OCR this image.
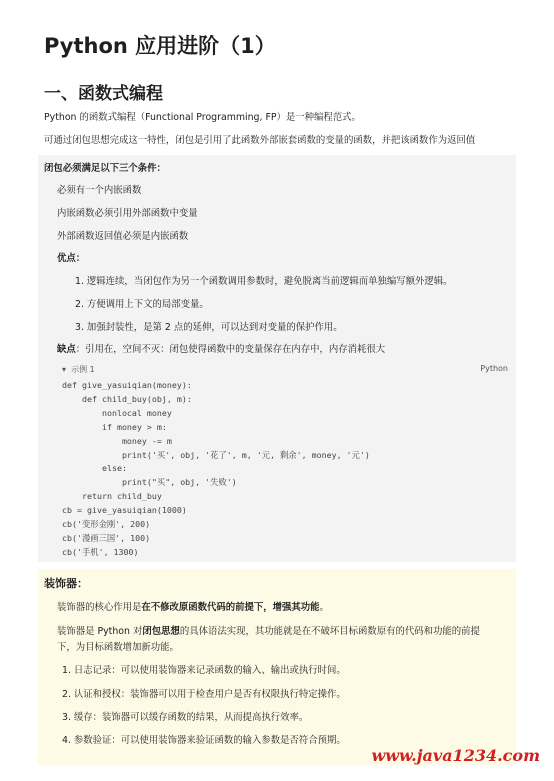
Python 应用进阶（1）
一、函数式编程

Python 的函数式编程（Functional Programming, FP）是一种编程范式。

可通过闭包思想完成这一特性，闭包是引用了此函数外部嵌套函数的变量的函数，并把该函数作为返回值

闭包必须满足以下三个条件：
必须有一个内嵌函数
内嵌函数必须引用外部函数中变量
外部函数返回值必须是内嵌函数
优点：
1. 逻辑连续，当闭包作为另一个函数调用参数时，避免脱离当前逻辑而单独编写额外逻辑。
2. 方便调用上下文的局部变量。
3. 加强封装性，是第 2 点的延伸，可以达到对变量的保护作用。
缺点：引用在，空间不灭：闭包使得函数中的变量保存在内存中，内存消耗很大
▾ 示例 1	Python
def give_yasuiqian(money):
def child_buy(obj, m):
nonlocal money
if money > m:
money -= m
print('买', obj, '花了', m, '元, 剩余', money, '元')
else:
print("买", obj, '失败')
return child_buy
cb = give_yasuiqian(1000)
cb('变形金刚', 200)
cb('漫画三国', 100)
cb('手机', 1300)
装饰器：
装饰器的核心作用是在不修改原函数代码的前提下，增强其功能。
装饰器是 Python 对闭包思想的具体语法实现，其功能就是在不破坏目标函数原有的代码和功能的前提
下，为目标函数增加新功能。
1. 日志记录：可以使用装饰器来记录函数的输入、输出或执行时间。
2. 认证和授权：装饰器可以用于检查用户是否有权限执行特定操作。
3. 缓存：装饰器可以缓存函数的结果，从而提高执行效率。
4. 参数验证：可以使用装饰器来验证函数的输入参数是否符合预期。
www.java1234.com
